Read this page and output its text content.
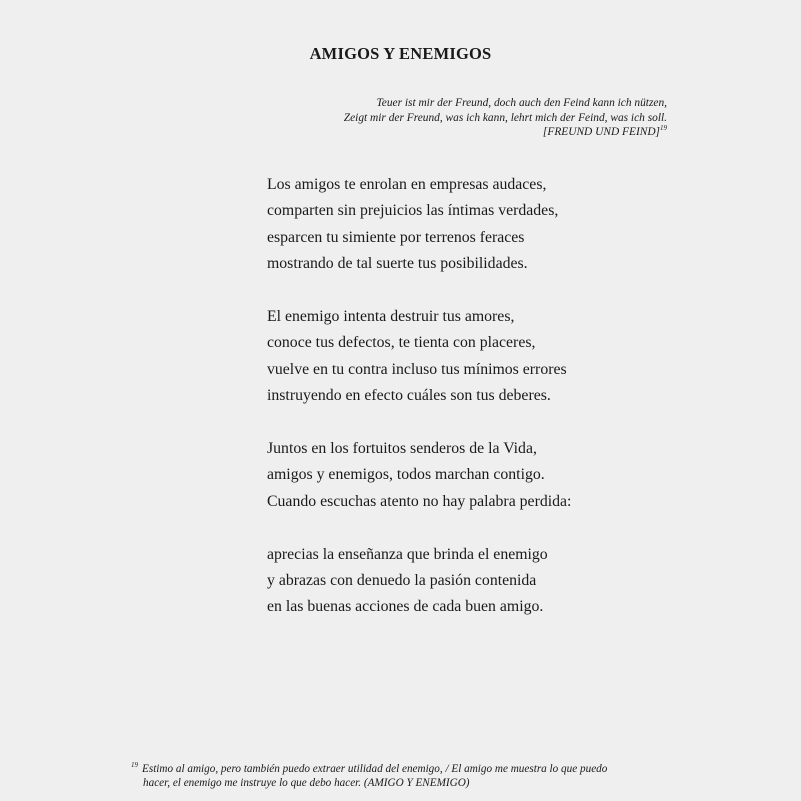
AMIGOS Y ENEMIGOS
Teuer ist mir der Freund, doch auch den Feind kann ich nützen,
Zeigt mir der Freund, was ich kann, lehrt mich der Feind, was ich soll.
[FREUND UND FEIND]$^{19}$
Los amigos te enrolan en empresas audaces,
comparten sin prejuicios las íntimas verdades,
esparcen tu simiente por terrenos feraces
mostrando de tal suerte tus posibilidades.
El enemigo intenta destruir tus amores,
conoce tus defectos, te tienta con placeres,
vuelve en tu contra incluso tus mínimos errores
instruyendo en efecto cuáles son tus deberes.
Juntos en los fortuitos senderos de la Vida,
amigos y enemigos, todos marchan contigo.
Cuando escuchas atento no hay palabra perdida:
aprecias la enseñanza que brinda el enemigo
y abrazas con denuedo la pasión contenida
en las buenas acciones de cada buen amigo.
$^{19}$ Estimo al amigo, pero también puedo extraer utilidad del enemigo, / El amigo me muestra lo que puedo
hacer, el enemigo me instruye lo que debo hacer. (AMIGO Y ENEMIGO)
